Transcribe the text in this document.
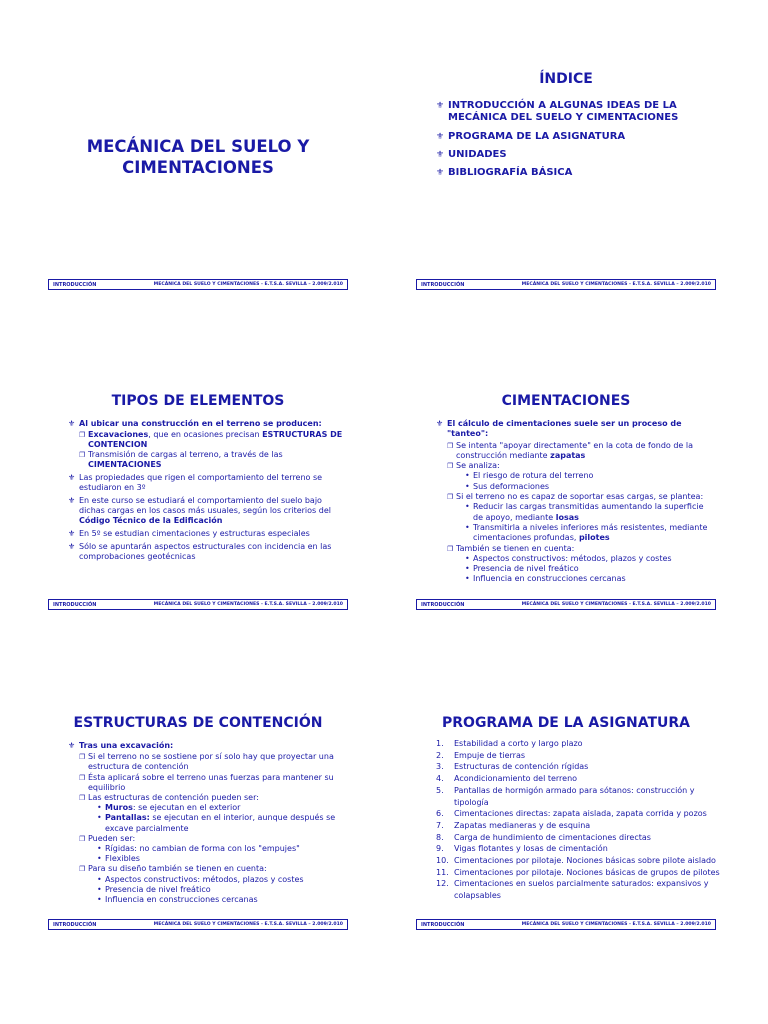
MECÁNICA DEL SUELO Y
CIMENTACIONES
INTRODUCCIÓN	MECÁNICA DEL SUELO Y CIMENTACIONES - E.T.S.A. SEVILLA – 2.009/2.010
ÍNDICE
⚜ INTRODUCCIÓN A ALGUNAS IDEAS DE LA MECÁNICA DEL SUELO Y CIMENTACIONES
⚜ PROGRAMA DE LA ASIGNATURA
⚜ UNIDADES
⚜ BIBLIOGRAFÍA BÁSICA
INTRODUCCIÓN	MECÁNICA DEL SUELO Y CIMENTACIONES - E.T.S.A. SEVILLA – 2.009/2.010
TIPOS DE ELEMENTOS
⚜ Al ubicar una construcción en el terreno se producen:
❐ Excavaciones, que en ocasiones precisan ESTRUCTURAS DE CONTENCION
❐ Transmisión de cargas al terreno, a través de las CIMENTACIONES
⚜ Las propiedades que rigen el comportamiento del terreno se estudiaron en 3º
⚜ En este curso se estudiará el comportamiento del suelo bajo dichas cargas en los casos más usuales, según los criterios del Código Técnico de la Edificación
⚜ En 5º se estudian cimentaciones y estructuras especiales
⚜ Sólo se apuntarán aspectos estructurales con incidencia en las comprobaciones geotécnicas
INTRODUCCIÓN	MECÁNICA DEL SUELO Y CIMENTACIONES - E.T.S.A. SEVILLA – 2.009/2.010
CIMENTACIONES
⚜ El cálculo de cimentaciones suele ser un proceso de "tanteo":
❐ Se intenta "apoyar directamente" en la cota de fondo de la construcción mediante zapatas
❐ Se analiza:
• El riesgo de rotura del terreno
• Sus deformaciones
❐ Si el terreno no es capaz de soportar esas cargas, se plantea:
• Reducir las cargas transmitidas aumentando la superficie de apoyo, mediante losas
• Transmitirla a niveles inferiores más resistentes, mediante cimentaciones profundas, pilotes
❐ También se tienen en cuenta:
• Aspectos constructivos: métodos, plazos y costes
• Presencia de nivel freático
• Influencia en construcciones cercanas
INTRODUCCIÓN	MECÁNICA DEL SUELO Y CIMENTACIONES - E.T.S.A. SEVILLA – 2.009/2.010
ESTRUCTURAS DE CONTENCIÓN
⚜ Tras una excavación:
❐ Si el terreno no se sostiene por sí solo hay que proyectar una estructura de contención
❐ Ésta aplicará sobre el terreno unas fuerzas para mantener su equilibrio
❐ Las estructuras de contención pueden ser:
• Muros: se ejecutan en el exterior
• Pantallas: se ejecutan en el interior, aunque después se excave parcialmente
❐ Pueden ser:
• Rígidas: no cambian de forma con los "empujes"
• Flexibles
❐ Para su diseño también se tienen en cuenta:
• Aspectos constructivos: métodos, plazos y costes
• Presencia de nivel freático
• Influencia en construcciones cercanas
INTRODUCCIÓN	MECÁNICA DEL SUELO Y CIMENTACIONES - E.T.S.A. SEVILLA – 2.009/2.010
PROGRAMA DE LA ASIGNATURA
1. Estabilidad a corto y largo plazo
2. Empuje de tierras
3. Estructuras de contención rígidas
4. Acondicionamiento del terreno
5. Pantallas de hormigón armado para sótanos: construcción y tipología
6. Cimentaciones directas: zapata aislada, zapata corrida y pozos
7. Zapatas medianeras y de esquina
8. Carga de hundimiento de cimentaciones directas
9. Vigas flotantes y losas de cimentación
10. Cimentaciones por pilotaje. Nociones básicas sobre pilote aislado
11. Cimentaciones por pilotaje. Nociones básicas de grupos de pilotes
12. Cimentaciones en suelos parcialmente saturados: expansivos y colapsables
INTRODUCCIÓN	MECÁNICA DEL SUELO Y CIMENTACIONES - E.T.S.A. SEVILLA – 2.009/2.010
